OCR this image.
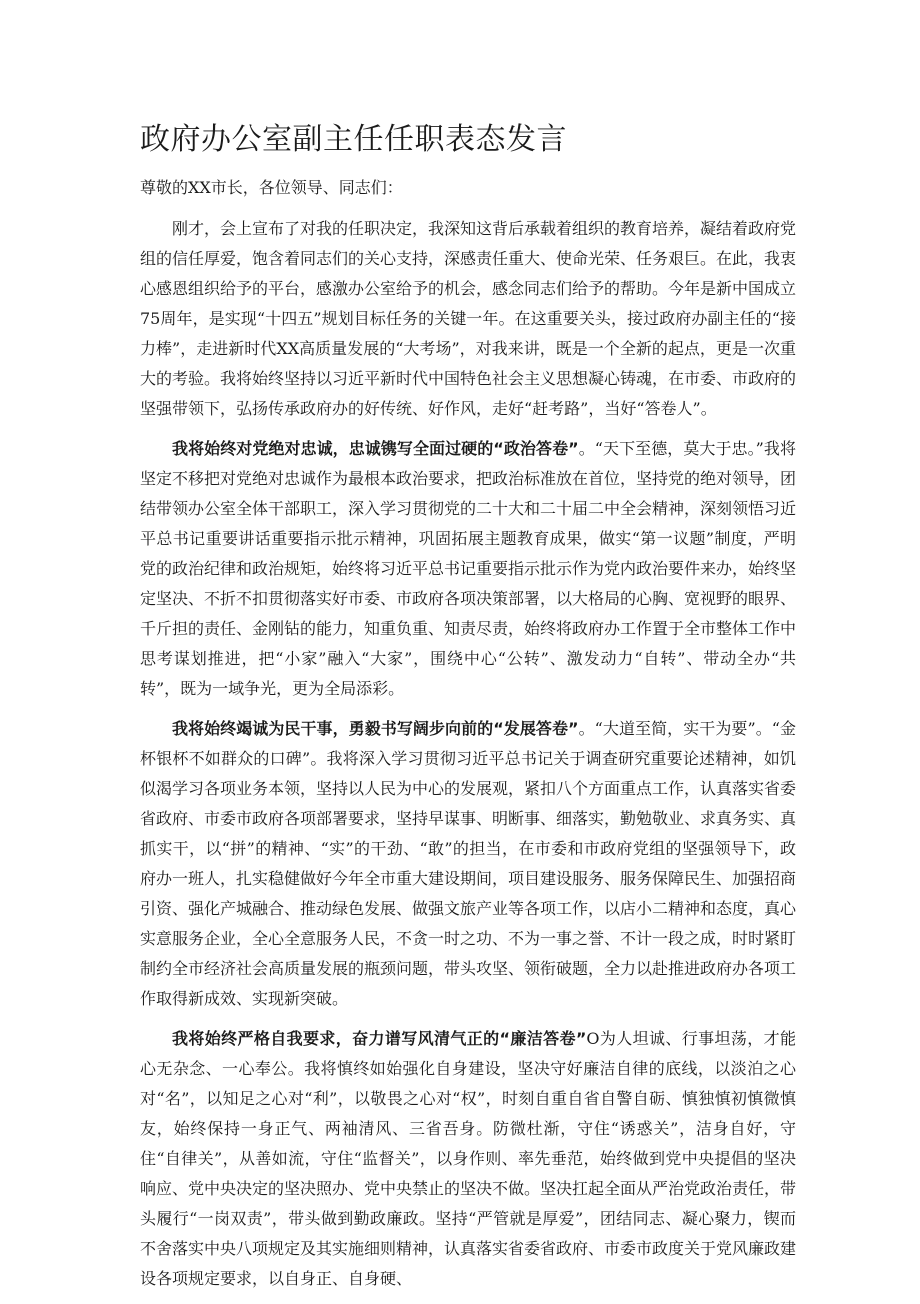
政府办公室副主任任职表态发言

尊敬的XX市长，各位领导、同志们：

刚才，会上宣布了对我的任职决定，我深知这背后承载着组织的教育培养，凝结着政府党组的信任厚爱，饱含着同志们的关心支持，深感责任重大、使命光荣、任务艰巨。在此，我衷心感恩组织给予的平台，感激办公室给予的机会，感念同志们给予的帮助。今年是新中国成立75周年，是实现“十四五”规划目标任务的关键一年。在这重要关头，接过政府办副主任的“接力棒”，走进新时代XX高质量发展的“大考场”，对我来讲，既是一个全新的起点，更是一次重大的考验。我将始终坚持以习近平新时代中国特色社会主义思想凝心铸魂，在市委、市政府的坚强带领下，弘扬传承政府办的好传统、好作风，走好“赶考路”，当好“答卷人”。

我将始终对党绝对忠诚，忠诚镌写全面过硬的“政治答卷”。“天下至德，莫大于忠。”我将坚定不移把对党绝对忠诚作为最根本政治要求，把政治标准放在首位，坚持党的绝对领导，团结带领办公室全体干部职工，深入学习贯彻党的二十大和二十届二中全会精神，深刻领悟习近平总书记重要讲话重要指示批示精神，巩固拓展主题教育成果，做实“第一议题”制度，严明党的政治纪律和政治规矩，始终将习近平总书记重要指示批示作为党内政治要件来办，始终坚定坚决、不折不扣贯彻落实好市委、市政府各项决策部署，以大格局的心胸、宽视野的眼界、千斤担的责任、金刚钻的能力，知重负重、知责尽责，始终将政府办工作置于全市整体工作中思考谋划推进，把“小家”融入“大家”，围绕中心“公转”、激发动力“自转”、带动全办“共转”，既为一域争光，更为全局添彩。

我将始终竭诚为民干事，勇毅书写阔步向前的“发展答卷”。“大道至简，实干为要”。“金杯银杯不如群众的口碑”。我将深入学习贯彻习近平总书记关于调查研究重要论述精神，如饥似渴学习各项业务本领，坚持以人民为中心的发展观，紧扣八个方面重点工作，认真落实省委省政府、市委市政府各项部署要求，坚持早谋事、明断事、细落实，勤勉敬业、求真务实、真抓实干，以“拼”的精神、“实”的干劲、“敢”的担当，在市委和市政府党组的坚强领导下，政府办一班人，扎实稳健做好今年全市重大建设期间，项目建设服务、服务保障民生、加强招商引资、强化产城融合、推动绿色发展、做强文旅产业等各项工作，以店小二精神和态度，真心实意服务企业，全心全意服务人民，不贪一时之功、不为一事之誉、不计一段之成，时时紧盯制约全市经济社会高质量发展的瓶颈问题，带头攻坚、领衔破题，全力以赴推进政府办各项工作取得新成效、实现新突破。

我将始终严格自我要求，奋力谱写风清气正的“廉洁答卷”O为人坦诚、行事坦荡，才能心无杂念、一心奉公。我将慎终如始强化自身建设，坚决守好廉洁自律的底线，以淡泊之心对“名”，以知足之心对“利”，以敬畏之心对“权”，时刻自重自省自警自砺、慎独慎初慎微慎友，始终保持一身正气、两袖清风、三省吾身。防微杜渐，守住“诱惑关”，洁身自好，守住“自律关”，从善如流，守住“监督关”，以身作则、率先垂范，始终做到党中央提倡的坚决响应、党中央决定的坚决照办、党中央禁止的坚决不做。坚决扛起全面从严治党政治责任，带头履行“一岗双责”，带头做到勤政廉政。坚持“严管就是厚爱”，团结同志、凝心聚力，锲而不舍落实中央八项规定及其实施细则精神，认真落实省委省政府、市委市政度关于党风廉政建设各项规定要求，以自身正、自身硬、
